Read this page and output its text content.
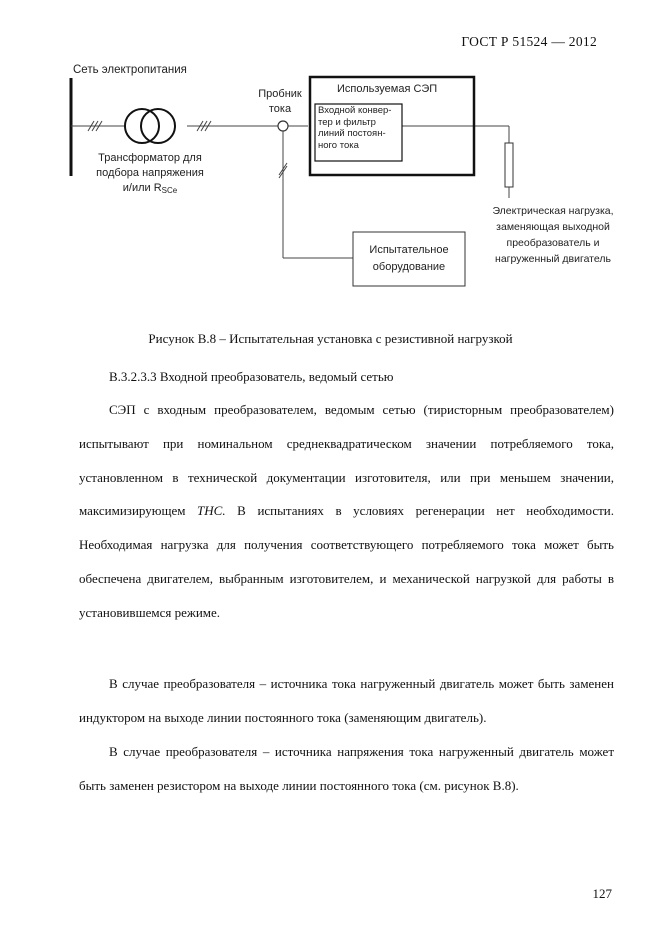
ГОСТ Р 51524 — 2012
Сеть электропитания
Трансформатор для
подбора напряжения
и/или RSCe
Пробник
тока
Используемая СЭП
Входной конвер-
тер и фильтр
линий постоян-
ного тока
Электрическая нагрузка,
заменяющая выходной
преобразователь и
нагруженный двигатель
Испытательное
оборудование
Рисунок В.8 – Испытательная установка с резистивной нагрузкой
В.3.2.3.3 Входной преобразователь, ведомый сетью
СЭП с входным преобразователем, ведомым сетью (тиристорным преобразователем) испытывают при номинальном среднеквадратическом значении потребляемого тока, установленном в технической документации изготовителя, или при меньшем значении, максимизирующем ТНС. В испытаниях в условиях регенерации нет необходимости. Необходимая нагрузка для получения соответствующего потребляемого тока может быть обеспечена двигателем, выбранным изготовителем, и механической нагрузкой для работы в установившемся режиме.
В случае преобразователя – источника тока нагруженный двигатель может быть заменен индуктором на выходе линии постоянного тока (заменяющим двигатель).
В случае преобразователя – источника напряжения тока нагруженный двигатель может быть заменен резистором на выходе линии постоянного тока (см. рисунок В.8).
127
